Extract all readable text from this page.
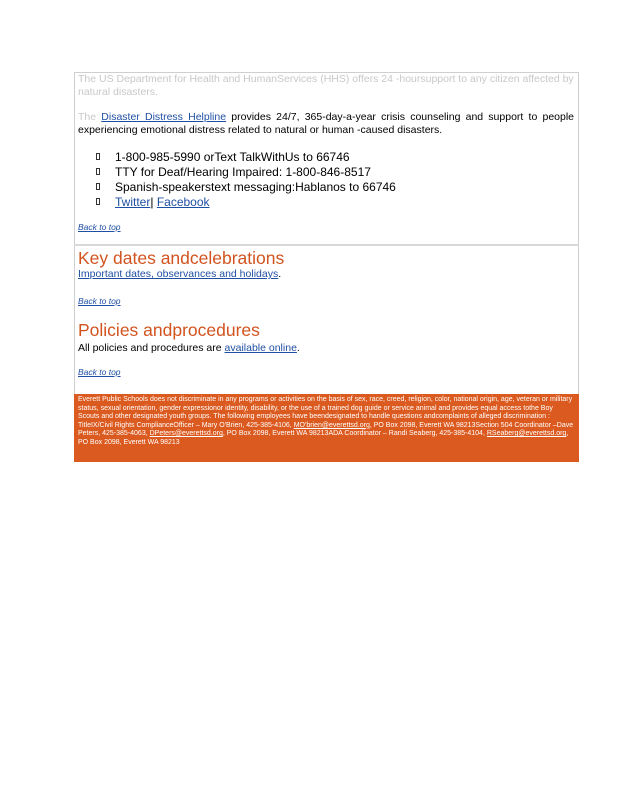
The US Department for Health and HumanServices (HHS) offers 24 -hoursupport to any citizen affected by natural disasters.
The Disaster Distress Helpline provides 24/7, 365-day-a-year crisis counseling and support to people experiencing emotional distress related to natural or human -caused disasters.
1-800-985-5990 orText TalkWithUs to 66746
TTY for Deaf/Hearing Impaired: 1-800-846-8517
Spanish-speakerstext messaging:Hablanos to 66746
Twitter| Facebook
Back to top
Key dates andcelebrations
Important dates, observances and holidays.
Back to top
Policies andprocedures
All policies and procedures are available online.
Back to top
Everett Public Schools does not discriminate in any programs or activities on the basis of sex, race, creed, religion, color, national origin, age, veteran or military status, sexual orientation, gender expressionor identity, disability, or the use of a trained dog guide or service animal and provides equal access tothe Boy Scouts and other designated youth groups. The following employees have beendesignated to handle questions andcomplaints of alleged discrimination : TitleIX/Civil Rights ComplianceOfficer – Mary O'Brien, 425-385-4106, MO'brien@everettsd.org, PO Box 2098, Everett WA 98213Section 504 Coordinator –Dave Peters, 425-385-4063, DPeters@everettsd.org, PO Box 2098, Everett WA 98213ADA Coordinator – Randi Seaberg, 425-385-4104, RSeaberg@everettsd.org, PO Box 2098, Everett WA 98213
